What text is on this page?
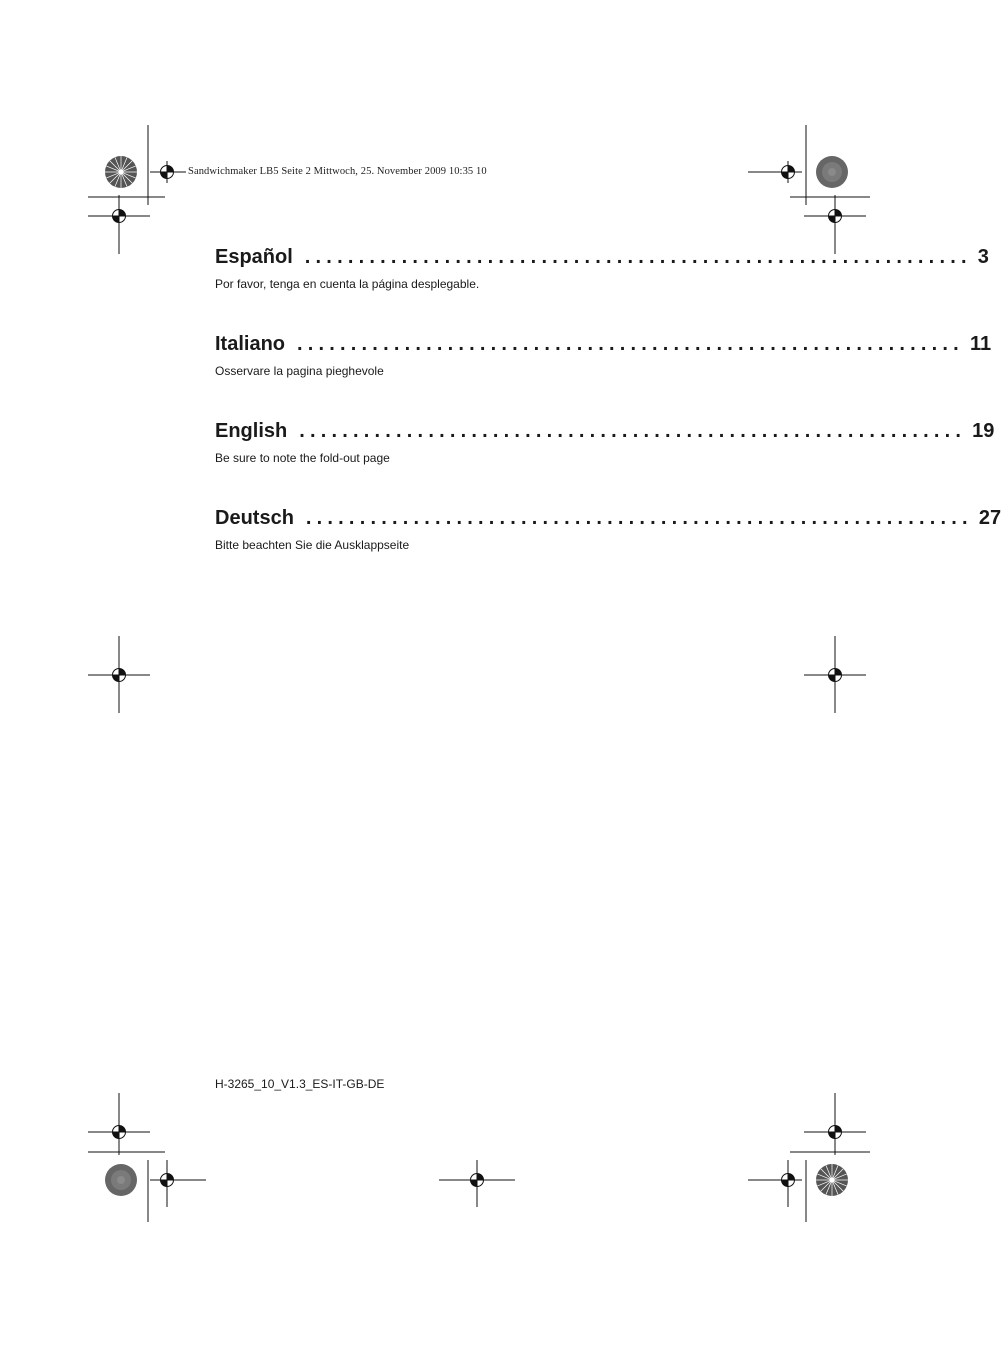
Sandwichmaker LB5 Seite 2 Mittwoch, 25. November 2009 10:35 10
Español .............................................................. 3
Por favor, tenga en cuenta la página desplegable.
Italiano .............................................................. 11
Osservare la pagina pieghevole
English .............................................................. 19
Be sure to note the fold-out page
Deutsch .............................................................. 27
Bitte beachten Sie die Ausklappseite
H-3265_10_V1.3_ES-IT-GB-DE
